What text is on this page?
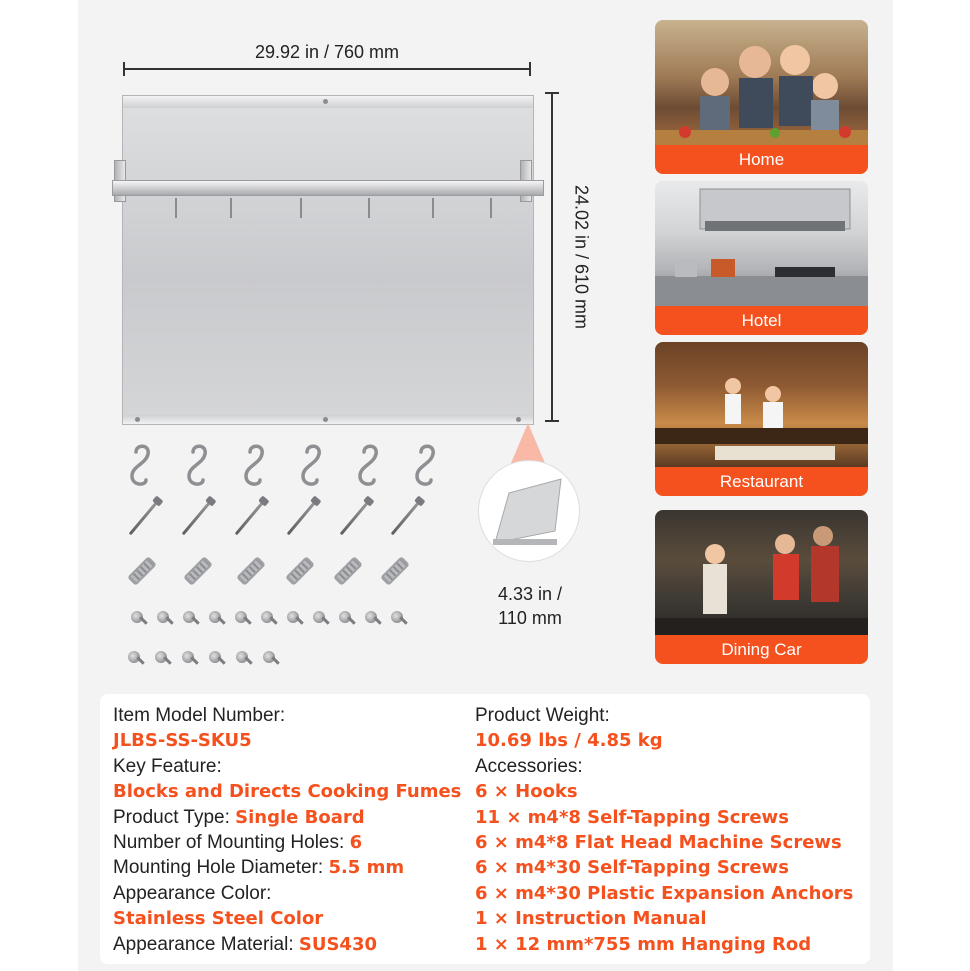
29.92 in / 760 mm
24.02 in / 610 mm
4.33 in /
110 mm
Home
Hotel
Restaurant
Dining Car
Item Model Number:
JLBS-SS-SKU5
Key Feature:
Blocks and Directs Cooking Fumes
Product Type: Single Board
Number of Mounting Holes: 6
Mounting Hole Diameter: 5.5 mm
Appearance Color:
Stainless Steel Color
Appearance Material: SUS430
Product Weight:
10.69 lbs / 4.85 kg
Accessories:
6 × Hooks
11 × m4*8 Self-Tapping Screws
6 × m4*8 Flat Head Machine Screws
6 × m4*30 Self-Tapping Screws
6 × m4*30 Plastic Expansion Anchors
1 × Instruction Manual
1 × 12 mm*755 mm Hanging Rod
